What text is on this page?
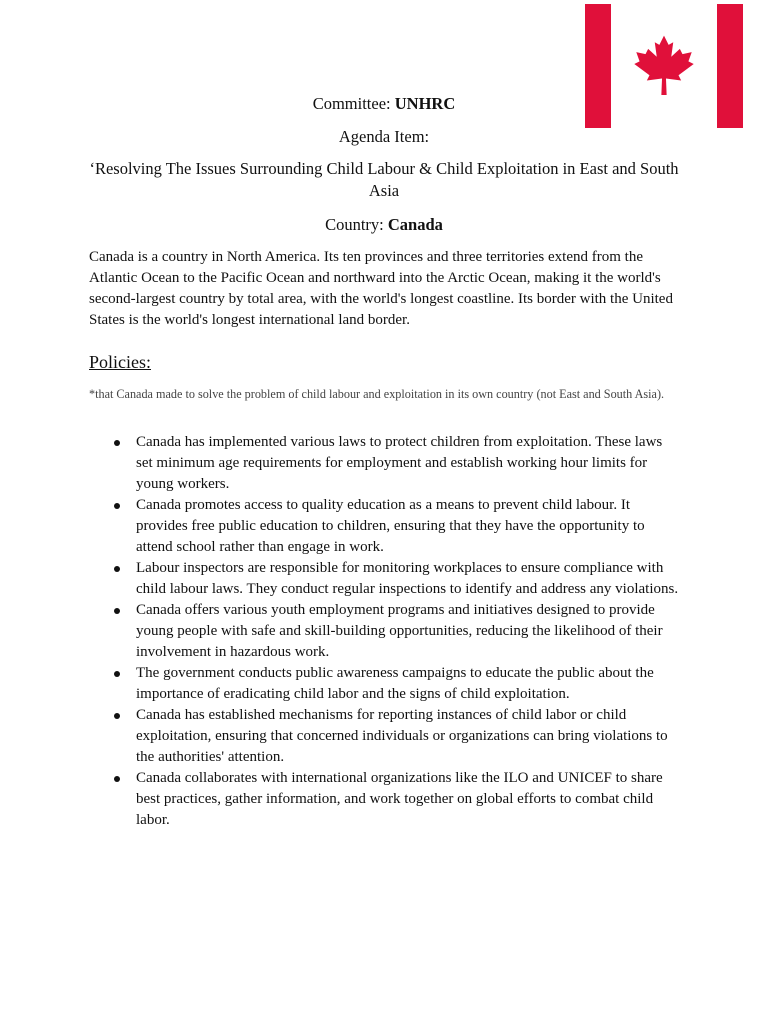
Committee: UNHRC
Agenda Item:
‘Resolving The Issues Surrounding Child Labour & Child Exploitation in East and South Asia
Country: Canada

Canada is a country in North America. Its ten provinces and three territories extend from the Atlantic Ocean to the Pacific Ocean and northward into the Arctic Ocean, making it the world's second-largest country by total area, with the world's longest coastline. Its border with the United States is the world's longest international land border.

Policies:

*that Canada made to solve the problem of child labour and exploitation in its own country (not East and South Asia).

Canada has implemented various laws to protect children from exploitation. These laws set minimum age requirements for employment and establish working hour limits for young workers.
Canada promotes access to quality education as a means to prevent child labour. It provides free public education to children, ensuring that they have the opportunity to attend school rather than engage in work.
Labour inspectors are responsible for monitoring workplaces to ensure compliance with child labour laws. They conduct regular inspections to identify and address any violations.
Canada offers various youth employment programs and initiatives designed to provide young people with safe and skill-building opportunities, reducing the likelihood of their involvement in hazardous work.
The government conducts public awareness campaigns to educate the public about the importance of eradicating child labor and the signs of child exploitation.
Canada has established mechanisms for reporting instances of child labor or child exploitation, ensuring that concerned individuals or organizations can bring violations to the authorities' attention.
Canada collaborates with international organizations like the ILO and UNICEF to share best practices, gather information, and work together on global efforts to combat child labor.
